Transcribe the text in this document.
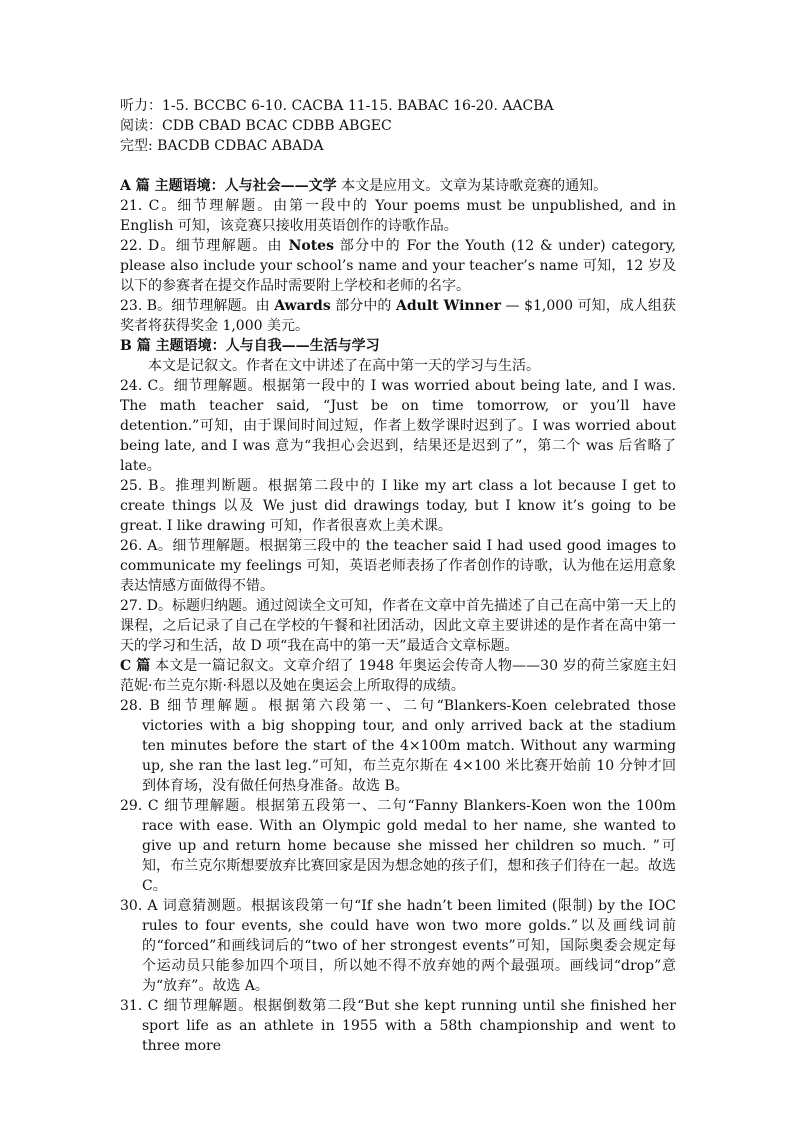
听力：1-5. BCCBC 6-10. CACBA 11-15. BABAC 16-20. AACBA
阅读：CDB CBAD BCAC CDBB ABGEC
完型: BACDB CDBAC ABADA

A 篇 主题语境：人与社会——文学 本文是应用文。文章为某诗歌竞赛的通知。

21. C。细节理解题。由第一段中的 Your poems must be unpublished, and in English 可知，该竞赛只接收用英语创作的诗歌作品。

22. D。细节理解题。由 Notes 部分中的 For the Youth (12 & under) category, please also include your school’s name and your teacher’s name 可知，12 岁及以下的参赛者在提交作品时需要附上学校和老师的名字。

23. B。细节理解题。由 Awards 部分中的 Adult Winner — $1,000 可知，成人组获奖者将获得奖金 1,000 美元。

B 篇 主题语境：人与自我——生活与学习

本文是记叙文。作者在文中讲述了在高中第一天的学习与生活。

24. C。细节理解题。根据第一段中的 I was worried about being late, and I was. The math teacher said, “Just be on time tomorrow, or you’ll have detention.”可知，由于课间时间过短，作者上数学课时迟到了。I was worried about being late, and I was 意为“我担心会迟到，结果还是迟到了”，第二个 was 后省略了 late。

25. B。推理判断题。根据第二段中的 I like my art class a lot because I get to create things 以及 We just did drawings today, but I know it’s going to be great. I like drawing 可知，作者很喜欢上美术课。

26. A。细节理解题。根据第三段中的 the teacher said I had used good images to communicate my feelings 可知，英语老师表扬了作者创作的诗歌，认为他在运用意象表达情感方面做得不错。

27. D。标题归纳题。通过阅读全文可知，作者在文章中首先描述了自己在高中第一天上的课程，之后记录了自己在学校的午餐和社团活动，因此文章主要讲述的是作者在高中第一天的学习和生活，故 D 项“我在高中的第一天”最适合文章标题。

C 篇 本文是一篇记叙文。文章介绍了 1948 年奥运会传奇人物——30 岁的荷兰家庭主妇范妮·布兰克尔斯·科恩以及她在奥运会上所取得的成绩。

28. B 细节理解题。根据第六段第一、二句“Blankers-Koen celebrated those victories with a big shopping tour, and only arrived back at the stadium ten minutes before the start of the 4×100m match. Without any warming up, she ran the last leg.”可知，布兰克尔斯在 4×100 米比赛开始前 10 分钟才回到体育场，没有做任何热身准备。故选 B。

29. C 细节理解题。根据第五段第一、二句“Fanny Blankers-Koen won the 100m race with ease. With an Olympic gold medal to her name, she wanted to give up and return home because she missed her children so much. ”可知，布兰克尔斯想要放弃比赛回家是因为想念她的孩子们，想和孩子们待在一起。故选 C。

30. A 词意猜测题。根据该段第一句“If she hadn’t been limited (限制) by the IOC rules to four events, she could have won two more golds.”以及画线词前的“forced”和画线词后的“two of her strongest events”可知，国际奥委会规定每个运动员只能参加四个项目，所以她不得不放弃她的两个最强项。画线词“drop”意为“放弃”。故选 A。

31. C 细节理解题。根据倒数第二段“But she kept running until she finished her sport life as an athlete in 1955 with a 58th championship and went to three more
